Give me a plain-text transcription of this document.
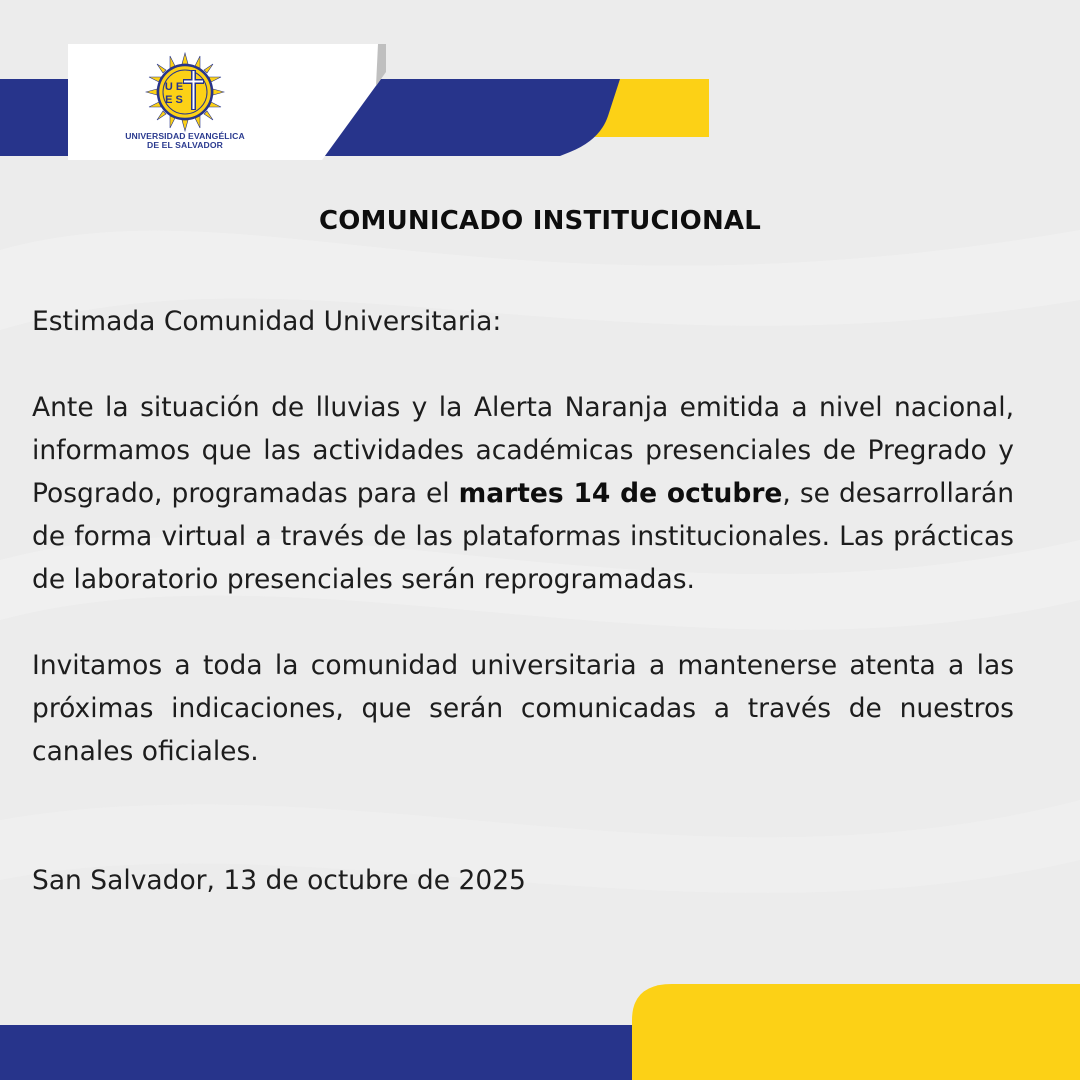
U E
E S
UNIVERSIDAD EVANGÉLICA
DE EL SALVADOR
COMUNICADO INSTITUCIONAL

Estimada Comunidad Universitaria:

Ante la situación de lluvias y la Alerta Naranja emitida a nivel nacional, informamos que las actividades académicas presenciales de Pregrado y Posgrado, programadas para el martes 14 de octubre, se desarrollarán de forma virtual a través de las plataformas institucionales. Las prácticas de laboratorio presenciales serán reprogramadas.

Invitamos a toda la comunidad universitaria a mantenerse atenta a las próximas indicaciones, que serán comunicadas a través de nuestros canales oficiales.

San Salvador, 13 de octubre de 2025
